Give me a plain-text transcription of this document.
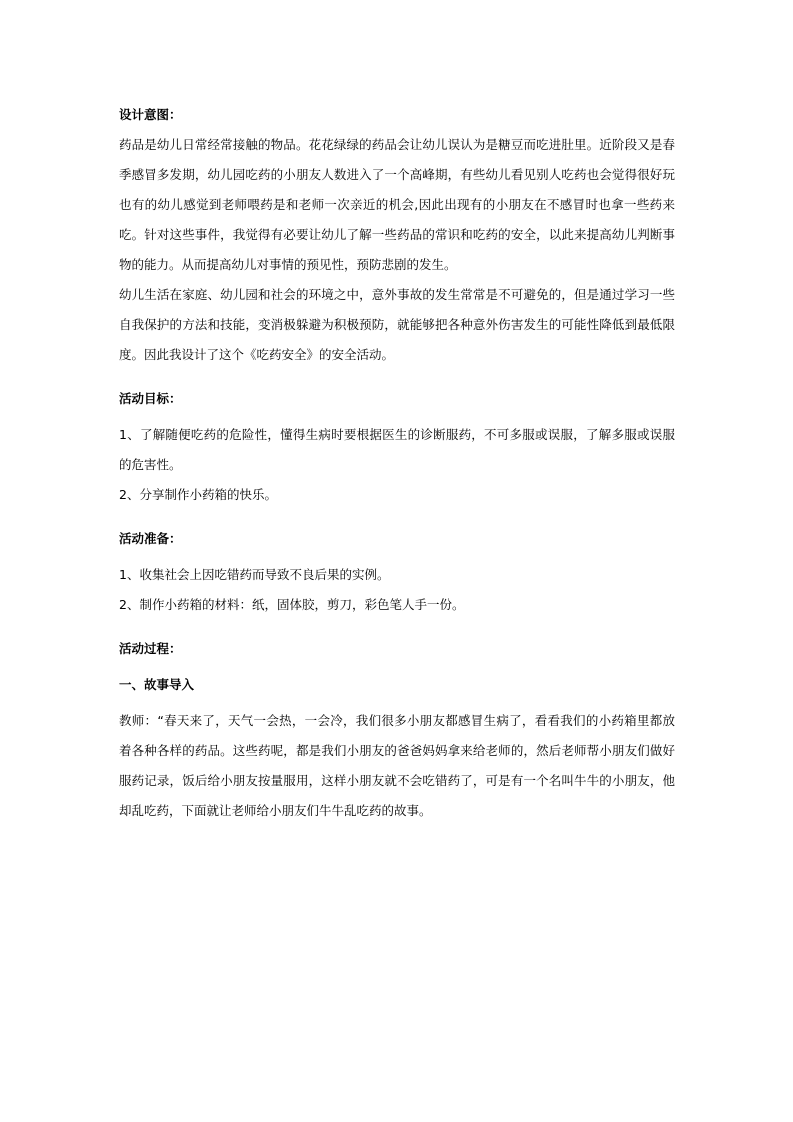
设计意图：

药品是幼儿日常经常接触的物品。花花绿绿的药品会让幼儿误认为是糖豆而吃进肚里。近阶段又是春季感冒多发期，幼儿园吃药的小朋友人数进入了一个高峰期，有些幼儿看见别人吃药也会觉得很好玩也有的幼儿感觉到老师喂药是和老师一次亲近的机会,因此出现有的小朋友在不感冒时也拿一些药来吃。针对这些事件，我觉得有必要让幼儿了解一些药品的常识和吃药的安全，以此来提高幼儿判断事物的能力。从而提高幼儿对事情的预见性，预防悲剧的发生。

幼儿生活在家庭、幼儿园和社会的环境之中，意外事故的发生常常是不可避免的，但是通过学习一些自我保护的方法和技能，变消极躲避为积极预防，就能够把各种意外伤害发生的可能性降低到最低限度。因此我设计了这个《吃药安全》的安全活动。

活动目标：

1、了解随便吃药的危险性，懂得生病时要根据医生的诊断服药，不可多服或误服，了解多服或误服的危害性。

2、分享制作小药箱的快乐。

活动准备：

1、收集社会上因吃错药而导致不良后果的实例。

2、制作小药箱的材料：纸，固体胶，剪刀，彩色笔人手一份。

活动过程：

一、故事导入

教师：“春天来了，天气一会热，一会冷，我们很多小朋友都感冒生病了，看看我们的小药箱里都放着各种各样的药品。这些药呢，都是我们小朋友的爸爸妈妈拿来给老师的，然后老师帮小朋友们做好服药记录，饭后给小朋友按量服用，这样小朋友就不会吃错药了，可是有一个名叫牛牛的小朋友，他却乱吃药，下面就让老师给小朋友们牛牛乱吃药的故事。
